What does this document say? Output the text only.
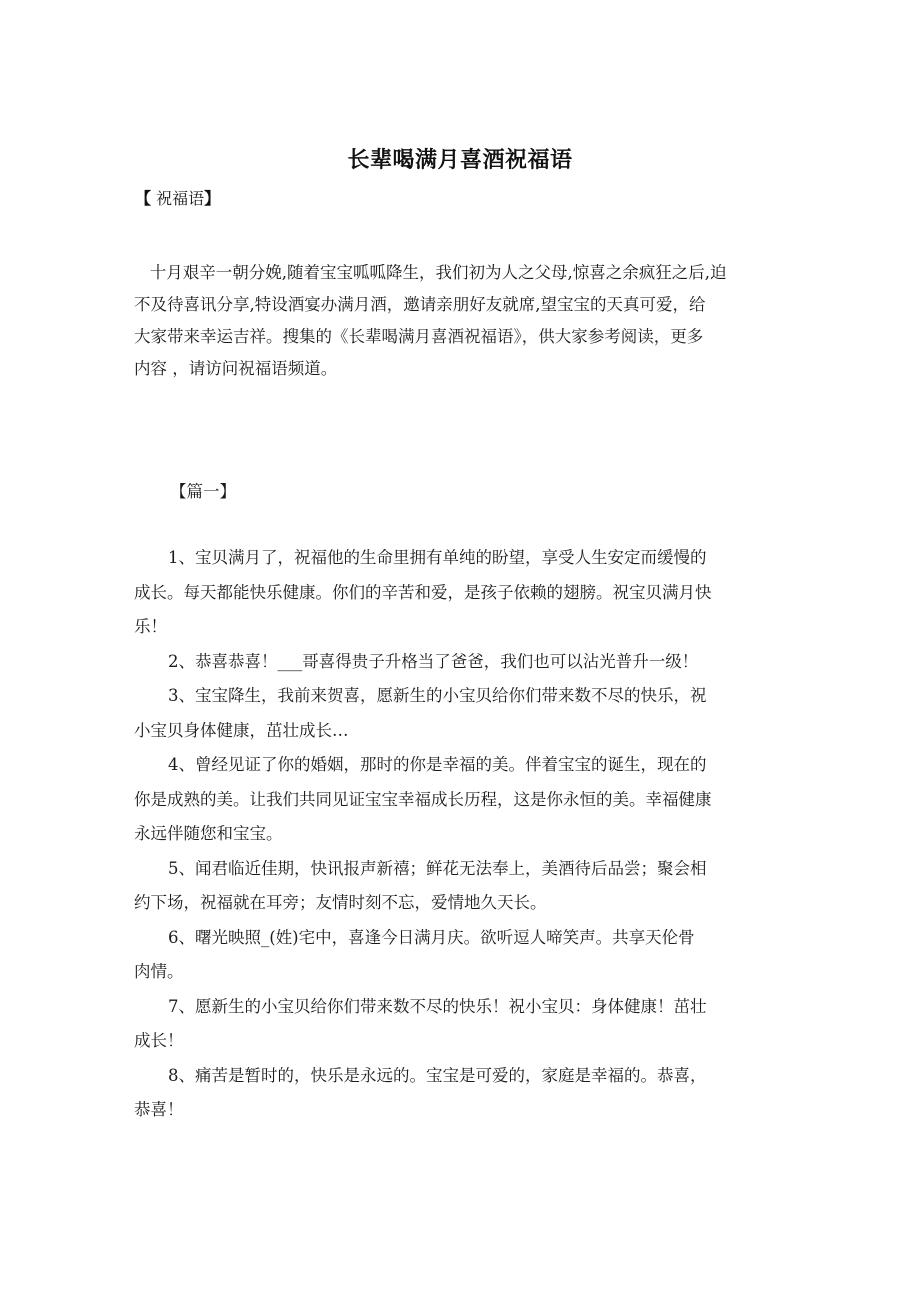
长辈喝满月喜酒祝福语
【 祝福语】
十月艰辛一朝分娩,随着宝宝呱呱降生，我们初为人之父母,惊喜之余疯狂之后,迫
不及待喜讯分享,特设酒宴办满月酒，邀请亲朋好友就席,望宝宝的天真可爱，给
大家带来幸运吉祥。搜集的《长辈喝满月喜酒祝福语》，供大家参考阅读，更多
内容 ，请访问祝福语频道。
【篇一】
1、宝贝满月了，祝福他的生命里拥有单纯的盼望，享受人生安定而缓慢的
成长。每天都能快乐健康。你们的辛苦和爱，是孩子依赖的翅膀。祝宝贝满月快
乐！
2、恭喜恭喜！___哥喜得贵子升格当了爸爸，我们也可以沾光普升一级！
3、宝宝降生，我前来贺喜，愿新生的小宝贝给你们带来数不尽的快乐，祝
小宝贝身体健康，茁壮成长…
4、曾经见证了你的婚姻，那时的你是幸福的美。伴着宝宝的诞生，现在的
你是成熟的美。让我们共同见证宝宝幸福成长历程，这是你永恒的美。幸福健康
永远伴随您和宝宝。
5、闻君临近佳期，快讯报声新禧；鲜花无法奉上，美酒待后品尝；聚会相
约下场，祝福就在耳旁；友情时刻不忘，爱情地久天长。
6、曙光映照_(姓)宅中，喜逢今日满月庆。欲听逗人啼笑声。共享天伦骨
肉情。
7、愿新生的小宝贝给你们带来数不尽的快乐！祝小宝贝：身体健康！茁壮
成长！
8、痛苦是暂时的，快乐是永远的。宝宝是可爱的，家庭是幸福的。恭喜，
恭喜！
